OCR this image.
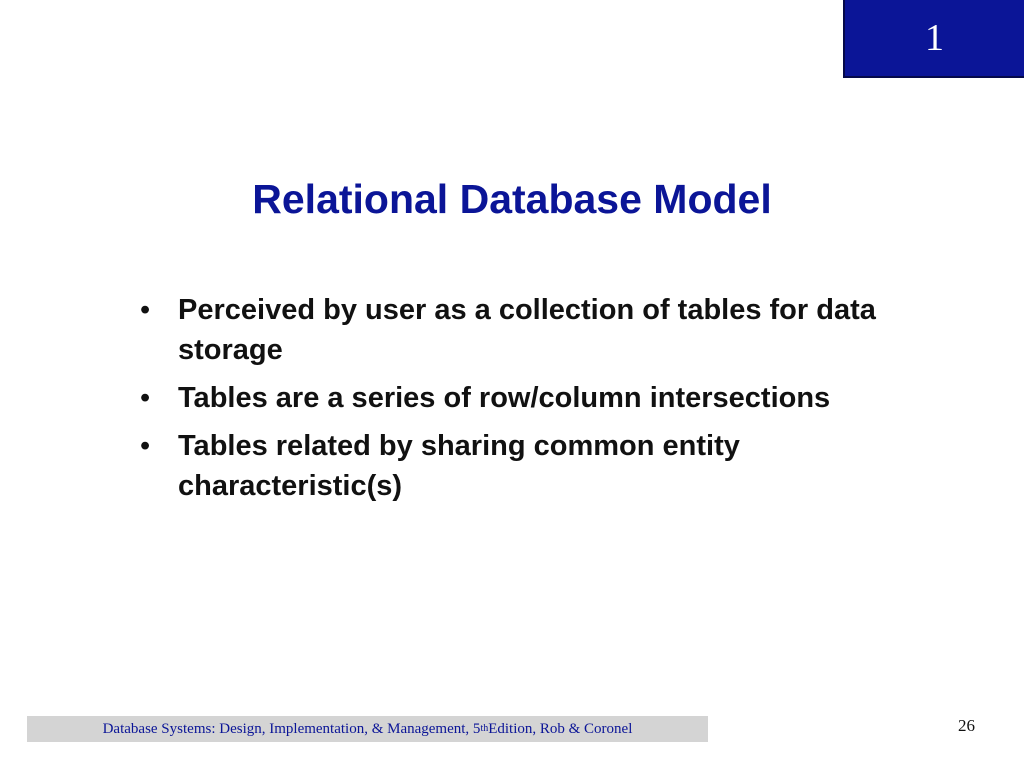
1
Relational Database Model
• Perceived by user as a collection of tables for data storage
• Tables are a series of row/column intersections
• Tables related by sharing common entity characteristic(s)
Database Systems: Design, Implementation, & Management, 5 th Edition, Rob & Coronel	26
